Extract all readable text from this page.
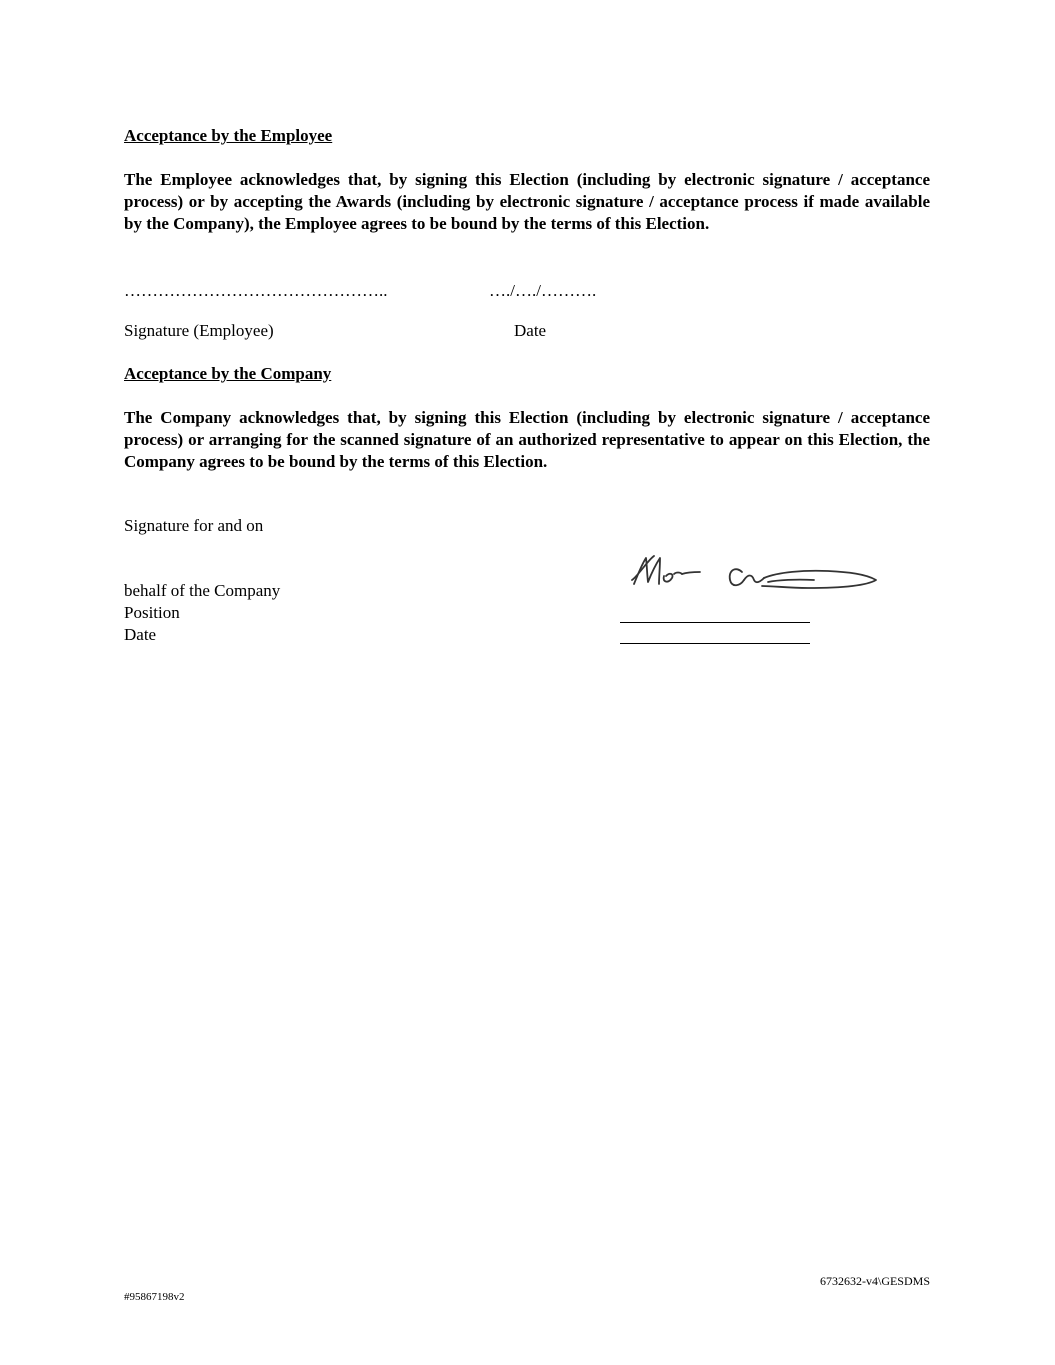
Acceptance by the Employee
The Employee acknowledges that, by signing this Election (including by electronic signature / acceptance process) or by accepting the Awards (including by electronic signature / acceptance process if made available by the Company), the Employee agrees to be bound by the terms of this Election.
………………………………………..	…./…./……….
Signature (Employee)	Date
Acceptance by the Company
The Company acknowledges that, by signing this Election (including by electronic signature / acceptance process) or arranging for the scanned signature of an authorized representative to appear on this Election, the Company agrees to be bound by the terms of this Election.
Signature for and on
behalf of the Company
Position
Date
6732632-v4\GESDMS
#95867198v2
